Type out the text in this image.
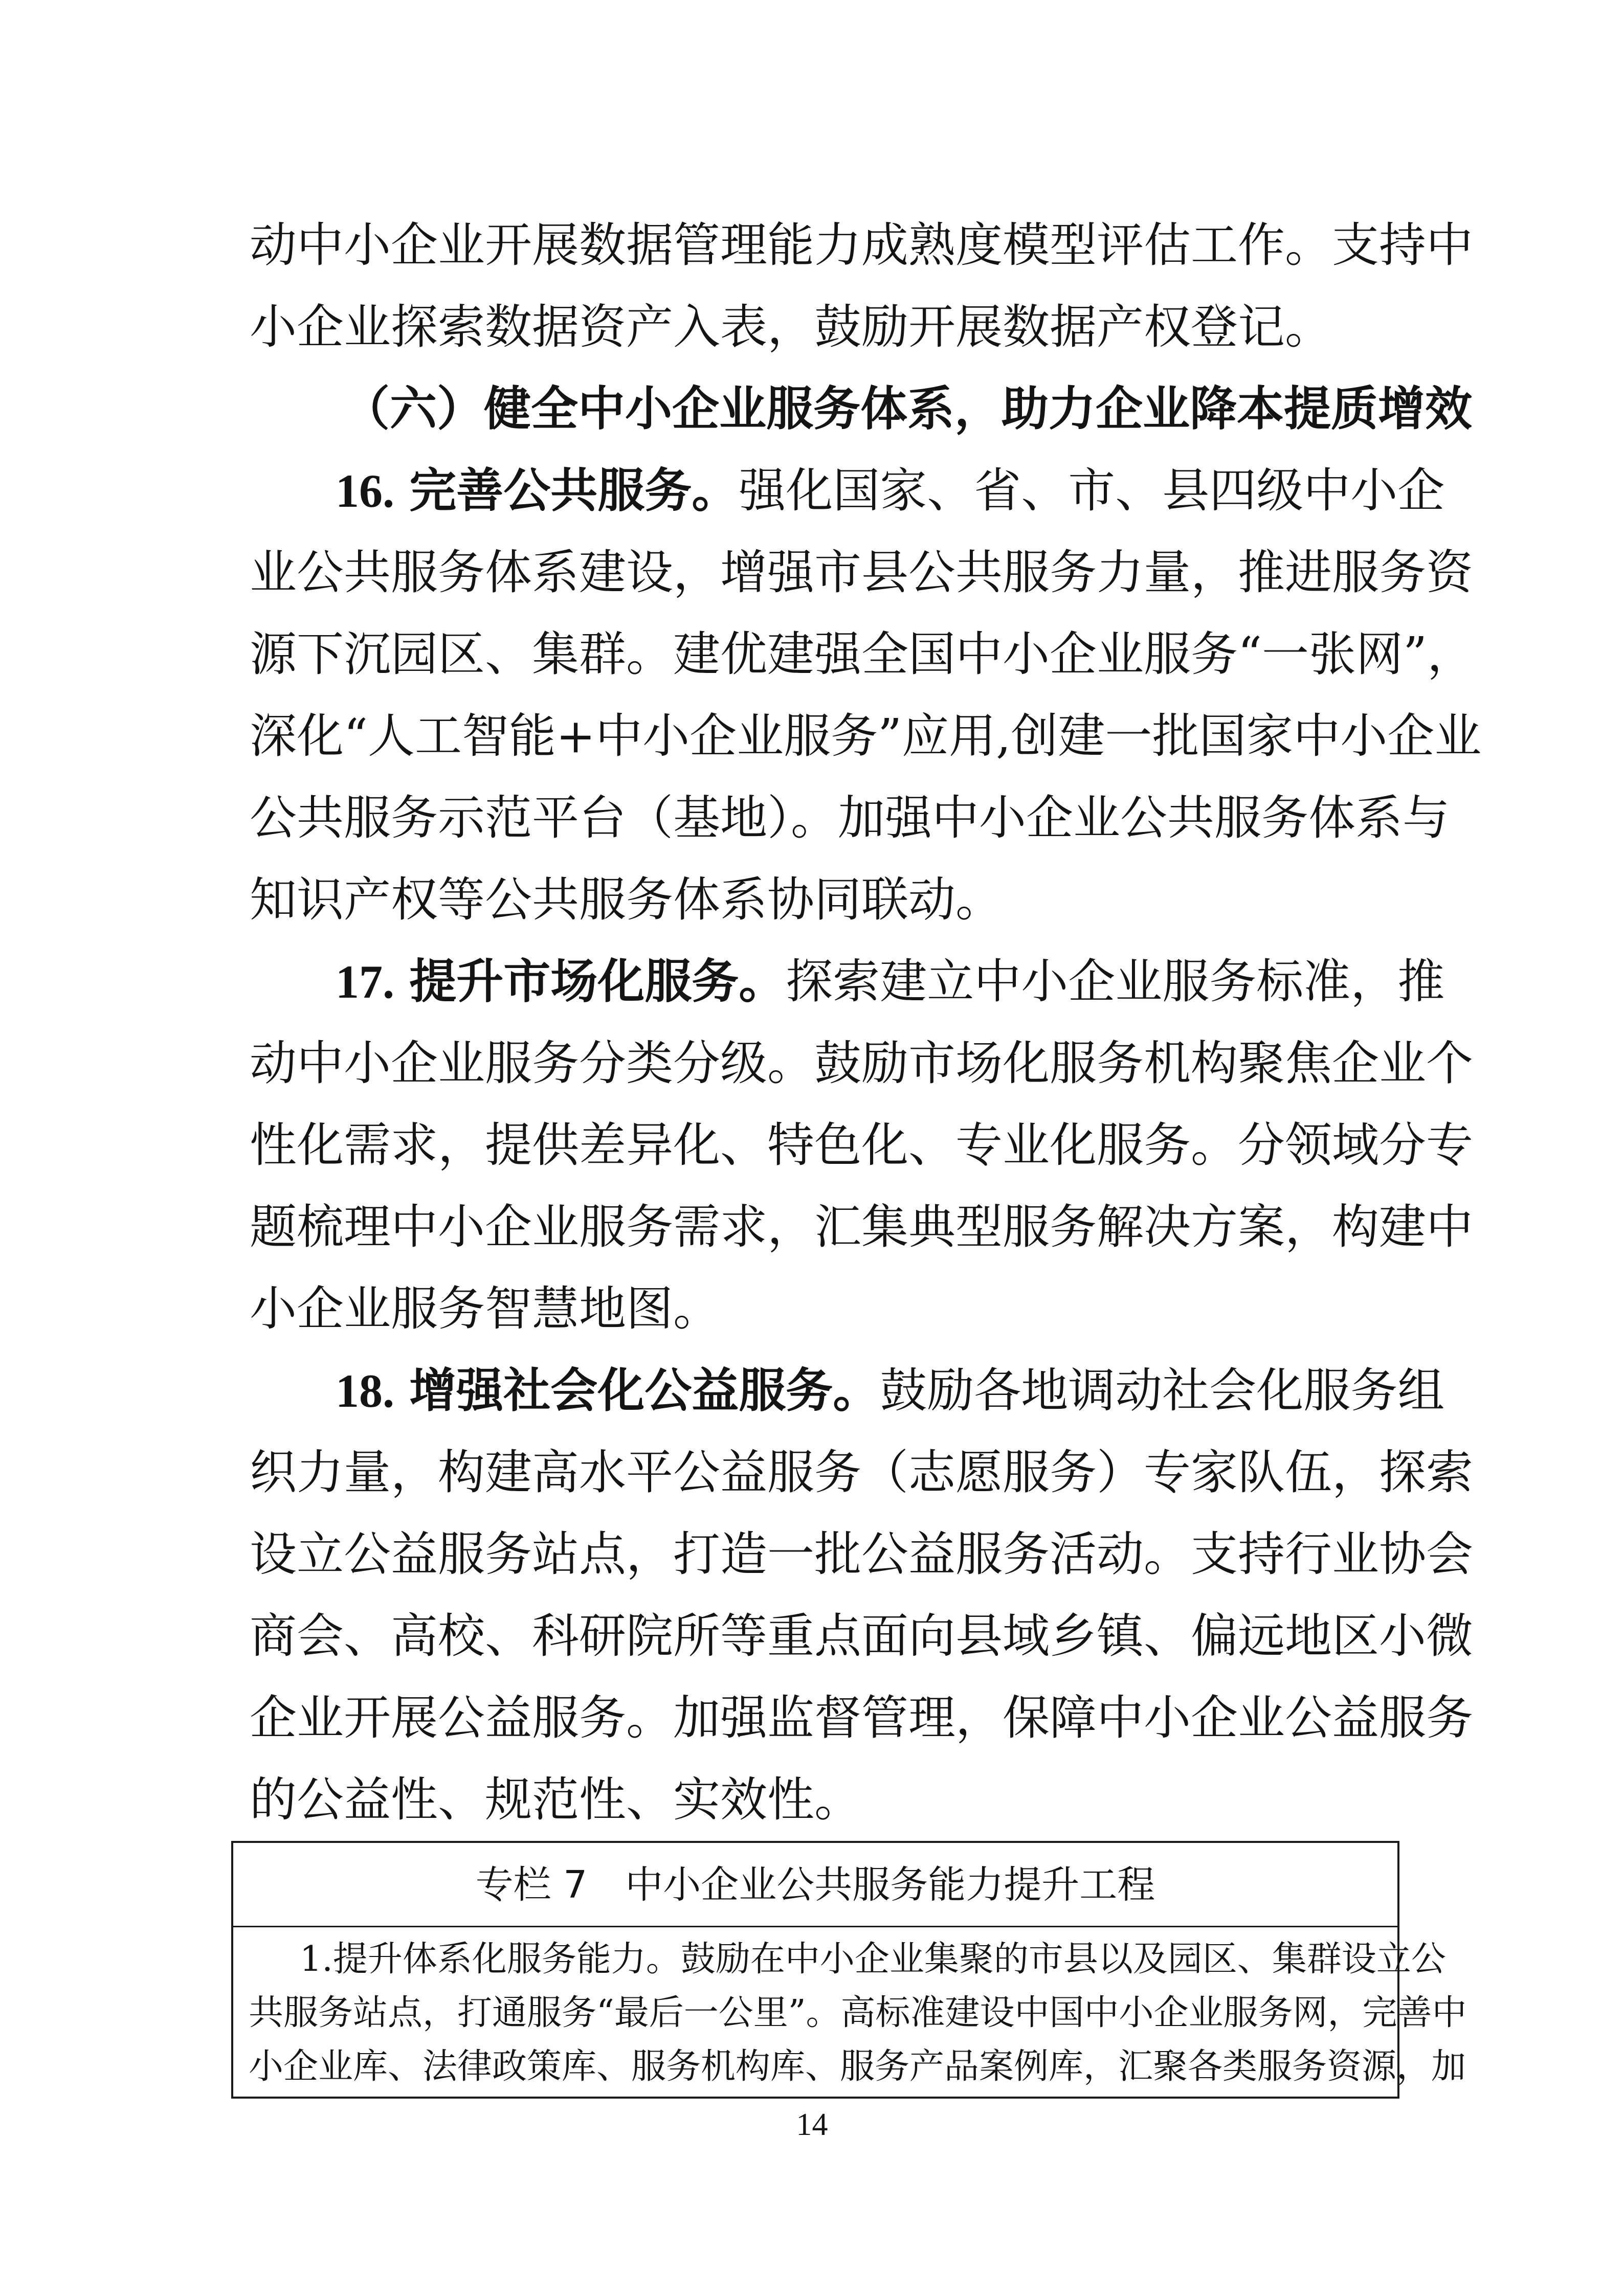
动中小企业开展数据管理能力成熟度模型评估工作。支持中
小企业探索数据资产入表，鼓励开展数据产权登记。
（六）健全中小企业服务体系，助力企业降本提质增效
16. 完善公共服务。强化国家、省、市、县四级中小企
业公共服务体系建设，增强市县公共服务力量，推进服务资
源下沉园区、集群。建优建强全国中小企业服务“一张网”，
深化“人工智能+中小企业服务”应用,创建一批国家中小企业
公共服务示范平台（基地）。加强中小企业公共服务体系与
知识产权等公共服务体系协同联动。
17. 提升市场化服务。探索建立中小企业服务标准，推
动中小企业服务分类分级。鼓励市场化服务机构聚焦企业个
性化需求，提供差异化、特色化、专业化服务。分领域分专
题梳理中小企业服务需求，汇集典型服务解决方案，构建中
小企业服务智慧地图。
18. 增强社会化公益服务。鼓励各地调动社会化服务组
织力量，构建高水平公益服务（志愿服务）专家队伍，探索
设立公益服务站点，打造一批公益服务活动。支持行业协会
商会、高校、科研院所等重点面向县域乡镇、偏远地区小微
企业开展公益服务。加强监督管理，保障中小企业公益服务
的公益性、规范性、实效性。
专栏 7　中小企业公共服务能力提升工程
1.提升体系化服务能力。鼓励在中小企业集聚的市县以及园区、集群设立公
共服务站点，打通服务“最后一公里”。高标准建设中国中小企业服务网，完善中
小企业库、法律政策库、服务机构库、服务产品案例库，汇聚各类服务资源，加
14
